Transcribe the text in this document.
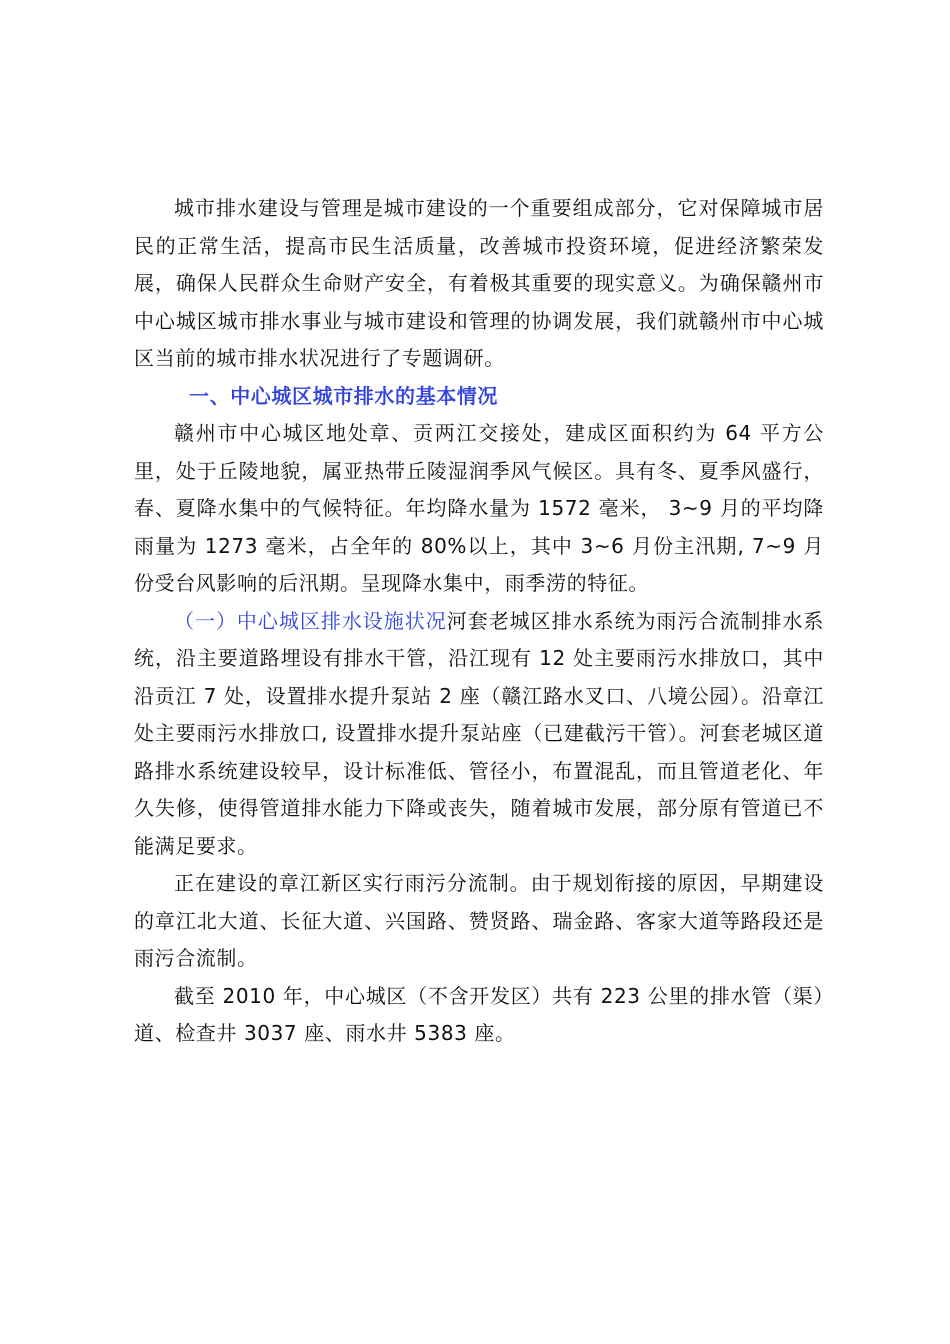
城市排水建设与管理是城市建设的一个重要组成部分，它对保障城市居民的正常生活，提高市民生活质量，改善城市投资环境，促进经济繁荣发展，确保人民群众生命财产安全，有着极其重要的现实意义。为确保赣州市中心城区城市排水事业与城市建设和管理的协调发展，我们就赣州市中心城区当前的城市排水状况进行了专题调研。

一、中心城区城市排水的基本情况

赣州市中心城区地处章、贡两江交接处，建成区面积约为 64 平方公里，处于丘陵地貌，属亚热带丘陵湿润季风气候区。具有冬、夏季风盛行，春、夏降水集中的气候特征。年均降水量为 1572 毫米， 3~9 月的平均降雨量为 1273 毫米，占全年的 80%以上，其中 3~6 月份主汛期, 7~9 月份受台风影响的后汛期。呈现降水集中，雨季涝的特征。

（一）中心城区排水设施状况河套老城区排水系统为雨污合流制排水系统，沿主要道路埋设有排水干管，沿江现有 12 处主要雨污水排放口，其中沿贡江 7 处，设置排水提升泵站 2 座（赣江路水叉口、八境公园）。沿章江处主要雨污水排放口, 设置排水提升泵站座（已建截污干管）。河套老城区道路排水系统建设较早，设计标准低、管径小，布置混乱，而且管道老化、年久失修，使得管道排水能力下降或丧失，随着城市发展，部分原有管道已不能满足要求。

正在建设的章江新区实行雨污分流制。由于规划衔接的原因，早期建设的章江北大道、长征大道、兴国路、赞贤路、瑞金路、客家大道等路段还是雨污合流制。

截至 2010 年，中心城区（不含开发区）共有 223 公里的排水管（渠）道、检查井 3037 座、雨水井 5383 座。
